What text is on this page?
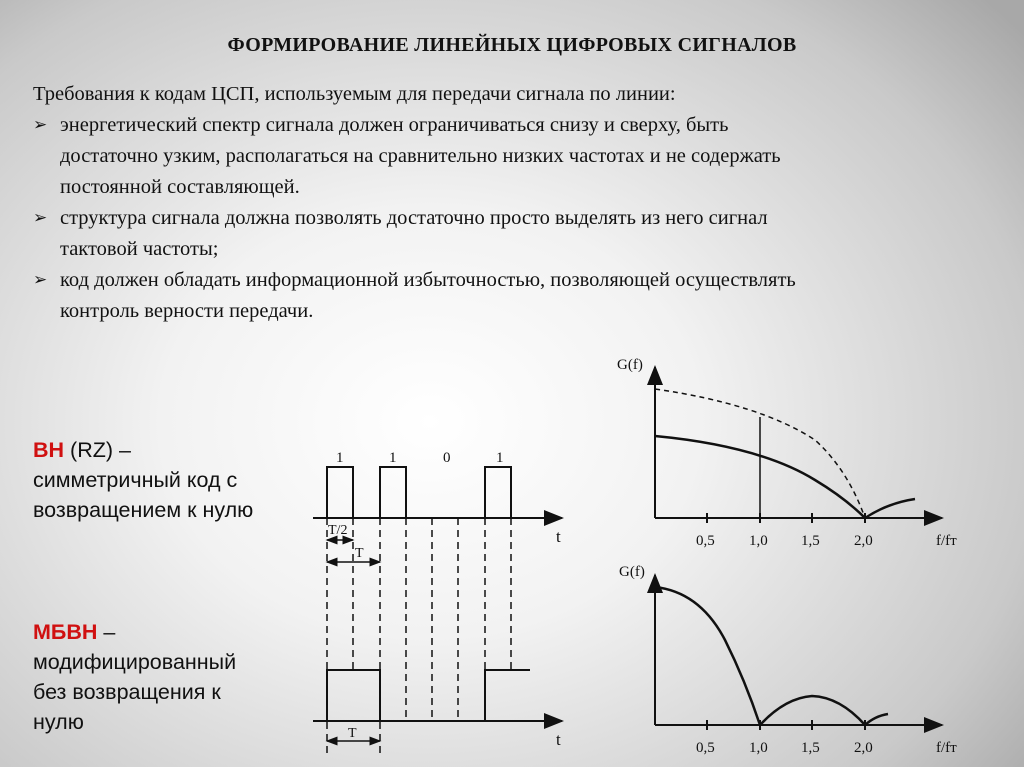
ФОРМИРОВАНИЕ ЛИНЕЙНЫХ ЦИФРОВЫХ СИГНАЛОВ
Требования к кодам ЦСП, используемым для передачи сигнала по линии:
➢ энергетический спектр сигнала должен ограничиваться снизу и сверху, быть
достаточно узким, располагаться на сравнительно низких частотах и не содержать
постоянной составляющей.
➢ структура сигнала должна позволять достаточно просто выделять из него сигнал
тактовой частоты;
➢ код должен обладать информационной избыточностью, позволяющей осуществлять
контроль верности передачи.
ВН (RZ) –
симметричный код с
возвращением к нулю
МБВН –
модифицированный
без возвращения к
нулю
1	1	0	1
T/2
T
T
t
t
G(f)
0,5 1,0 1,5 2,0	f/fт
G(f)
0,5 1,0 1,5 2,0	f/fт
